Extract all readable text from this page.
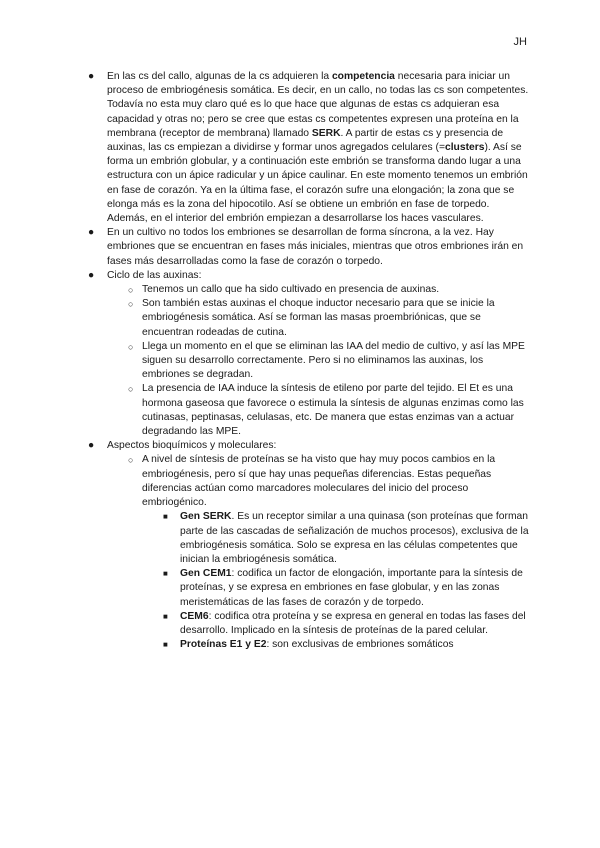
JH

● En las cs del callo, algunas de la cs adquieren la competencia necesaria para iniciar un proceso de embriogénesis somática. Es decir, en un callo, no todas las cs son competentes. Todavía no esta muy claro qué es lo que hace que algunas de estas cs adquieran esa capacidad y otras no; pero se cree que estas cs competentes expresen una proteína en la membrana (receptor de membrana) llamado SERK. A partir de estas cs y presencia de auxinas, las cs empiezan a dividirse y formar unos agregados celulares (=clusters). Así se forma un embrión globular, y a continuación este embrión se transforma dando lugar a una estructura con un ápice radicular y un ápice caulinar. En este momento tenemos un embrión en fase de corazón. Ya en la última fase, el corazón sufre una elongación; la zona que se elonga más es la zona del hipocotilo. Así se obtiene un embrión en fase de torpedo. Además, en el interior del embrión empiezan a desarrollarse los haces vasculares.

● En un cultivo no todos los embriones se desarrollan de forma síncrona, a la vez. Hay embriones que se encuentran en fases más iniciales, mientras que otros embriones irán en fases más desarrolladas como la fase de corazón o torpedo.

● Ciclo de las auxinas:

○ Tenemos un callo que ha sido cultivado en presencia de auxinas.

○ Son también estas auxinas el choque inductor necesario para que se inicie la embriogénesis somática. Así se forman las masas proembriónicas, que se encuentran rodeadas de cutina.

○ Llega un momento en el que se eliminan las IAA del medio de cultivo, y así las MPE siguen su desarrollo correctamente. Pero si no eliminamos las auxinas, los embriones se degradan.

○ La presencia de IAA induce la síntesis de etileno por parte del tejido. El Et es una hormona gaseosa que favorece o estimula la síntesis de algunas enzimas como las cutinasas, peptinasas, celulasas, etc. De manera que estas enzimas van a actuar degradando las MPE.

● Aspectos bioquímicos y moleculares:

○ A nivel de síntesis de proteínas se ha visto que hay muy pocos cambios en la embriogénesis, pero sí que hay unas pequeñas diferencias. Estas pequeñas diferencias actúan como marcadores moleculares del inicio del proceso embriogénico.

■ Gen SERK. Es un receptor similar a una quinasa (son proteínas que forman parte de las cascadas de señalización de muchos procesos), exclusiva de la embriogénesis somática. Solo se expresa en las células competentes que inician la embriogénesis somática.

■ Gen CEM1: codifica un factor de elongación, importante para la síntesis de proteínas, y se expresa en embriones en fase globular, y en las zonas meristemáticas de las fases de corazón y de torpedo.

■ CEM6: codifica otra proteína y se expresa en general en todas las fases del desarrollo. Implicado en la síntesis de proteínas de la pared celular.

■ Proteínas E1 y E2: son exclusivas de embriones somáticos
